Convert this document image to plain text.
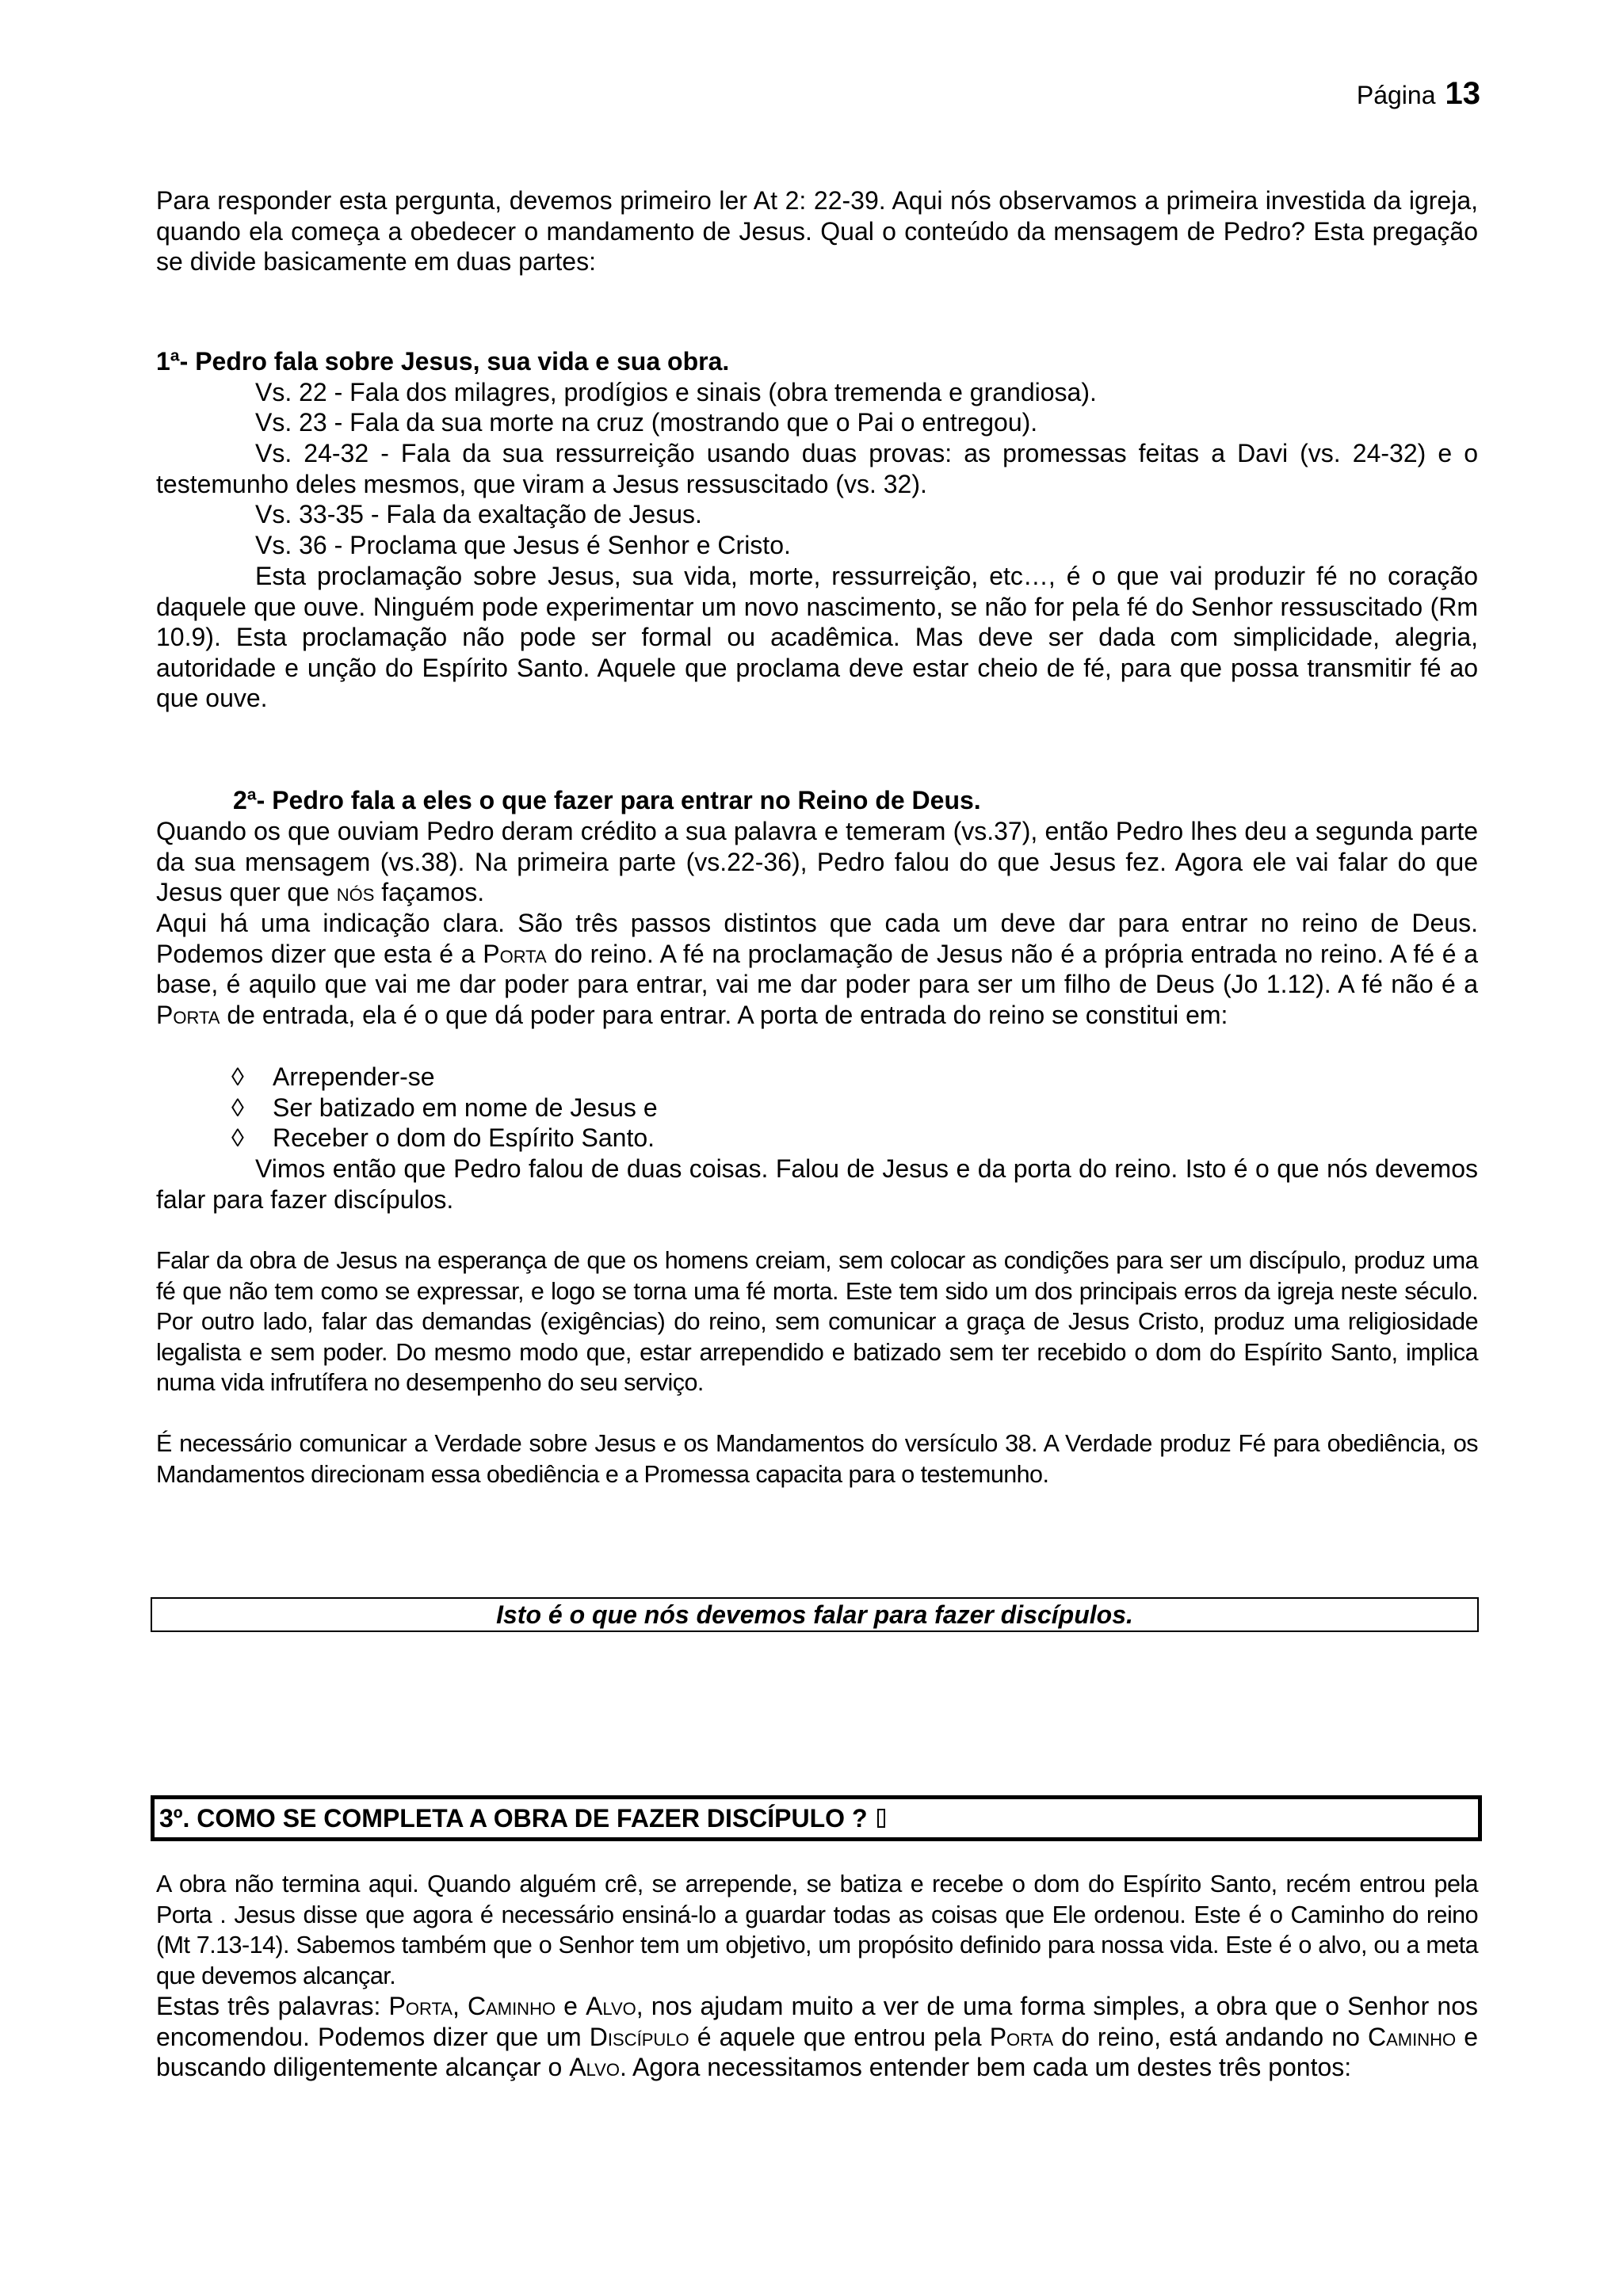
Página 13

Para responder esta pergunta, devemos primeiro ler At 2: 22-39. Aqui nós observamos a primeira investida da igreja, quando ela começa a obedecer o mandamento de Jesus. Qual o conteúdo da mensagem de Pedro? Esta pregação se divide basicamente em duas partes:

1ª- Pedro fala sobre Jesus, sua vida e sua obra.

Vs. 22 - Fala dos milagres, prodígios e sinais (obra tremenda e grandiosa).

Vs. 23 - Fala da sua morte na cruz (mostrando que o Pai o entregou).

Vs. 24-32 - Fala da sua ressurreição usando duas provas: as promessas feitas a Davi (vs. 24-32) e o testemunho deles mesmos, que viram a Jesus ressuscitado (vs. 32).

Vs. 33-35 - Fala da exaltação de Jesus.

Vs. 36 - Proclama que Jesus é Senhor e Cristo.

Esta proclamação sobre Jesus, sua vida, morte, ressurreição, etc…, é o que vai produzir fé no coração daquele que ouve. Ninguém pode experimentar um novo nascimento, se não for pela fé do Senhor ressuscitado (Rm 10.9). Esta proclamação não pode ser formal ou acadêmica. Mas deve ser dada com simplicidade, alegria, autoridade e unção do Espírito Santo. Aquele que proclama deve estar cheio de fé, para que possa transmitir fé ao que ouve.

2ª- Pedro fala a eles o que fazer para entrar no Reino de Deus.

Quando os que ouviam Pedro deram crédito a sua palavra e temeram (vs.37), então Pedro lhes deu a segunda parte da sua mensagem (vs.38). Na primeira parte (vs.22-36), Pedro falou do que Jesus fez. Agora ele vai falar do que Jesus quer que nós façamos.

Aqui há uma indicação clara. São três passos distintos que cada um deve dar para entrar no reino de Deus. Podemos dizer que esta é a Porta do reino. A fé na proclamação de Jesus não é a própria entrada no reino. A fé é a base, é aquilo que vai me dar poder para entrar, vai me dar poder para ser um filho de Deus (Jo 1.12). A fé não é a Porta de entrada, ela é o que dá poder para entrar. A porta de entrada do reino se constitui em:

◊ Arrepender-se

◊ Ser batizado em nome de Jesus e

◊ Receber o dom do Espírito Santo.

Vimos então que Pedro falou de duas coisas. Falou de Jesus e da porta do reino. Isto é o que nós devemos falar para fazer discípulos.

Falar da obra de Jesus na esperança de que os homens creiam, sem colocar as condições para ser um discípulo, produz uma fé que não tem como se expressar, e logo se torna uma fé morta. Este tem sido um dos principais erros da igreja neste século. Por outro lado, falar das demandas (exigências) do reino, sem comunicar a graça de Jesus Cristo, produz uma religiosidade legalista e sem poder. Do mesmo modo que, estar arrependido e batizado sem ter recebido o dom do Espírito Santo, implica numa vida infrutífera no desempenho do seu serviço.

É necessário comunicar a Verdade sobre Jesus e os Mandamentos do versículo 38. A Verdade produz Fé para obediência, os Mandamentos direcionam essa obediência e a Promessa capacita para o testemunho.

Isto é o que nós devemos falar para fazer discípulos.
3º. COMO SE COMPLETA A OBRA DE FAZER DISCÍPULO ?

A obra não termina aqui. Quando alguém crê, se arrepende, se batiza e recebe o dom do Espírito Santo, recém entrou pela Porta . Jesus disse que agora é necessário ensiná-lo a guardar todas as coisas que Ele ordenou. Este é o Caminho do reino (Mt 7.13-14). Sabemos também que o Senhor tem um objetivo, um propósito definido para nossa vida. Este é o alvo, ou a meta que devemos alcançar.

Estas três palavras: Porta, Caminho e Alvo, nos ajudam muito a ver de uma forma simples, a obra que o Senhor nos encomendou. Podemos dizer que um Discípulo é aquele que entrou pela Porta do reino, está andando no Caminho e buscando diligentemente alcançar o Alvo. Agora necessitamos entender bem cada um destes três pontos:
